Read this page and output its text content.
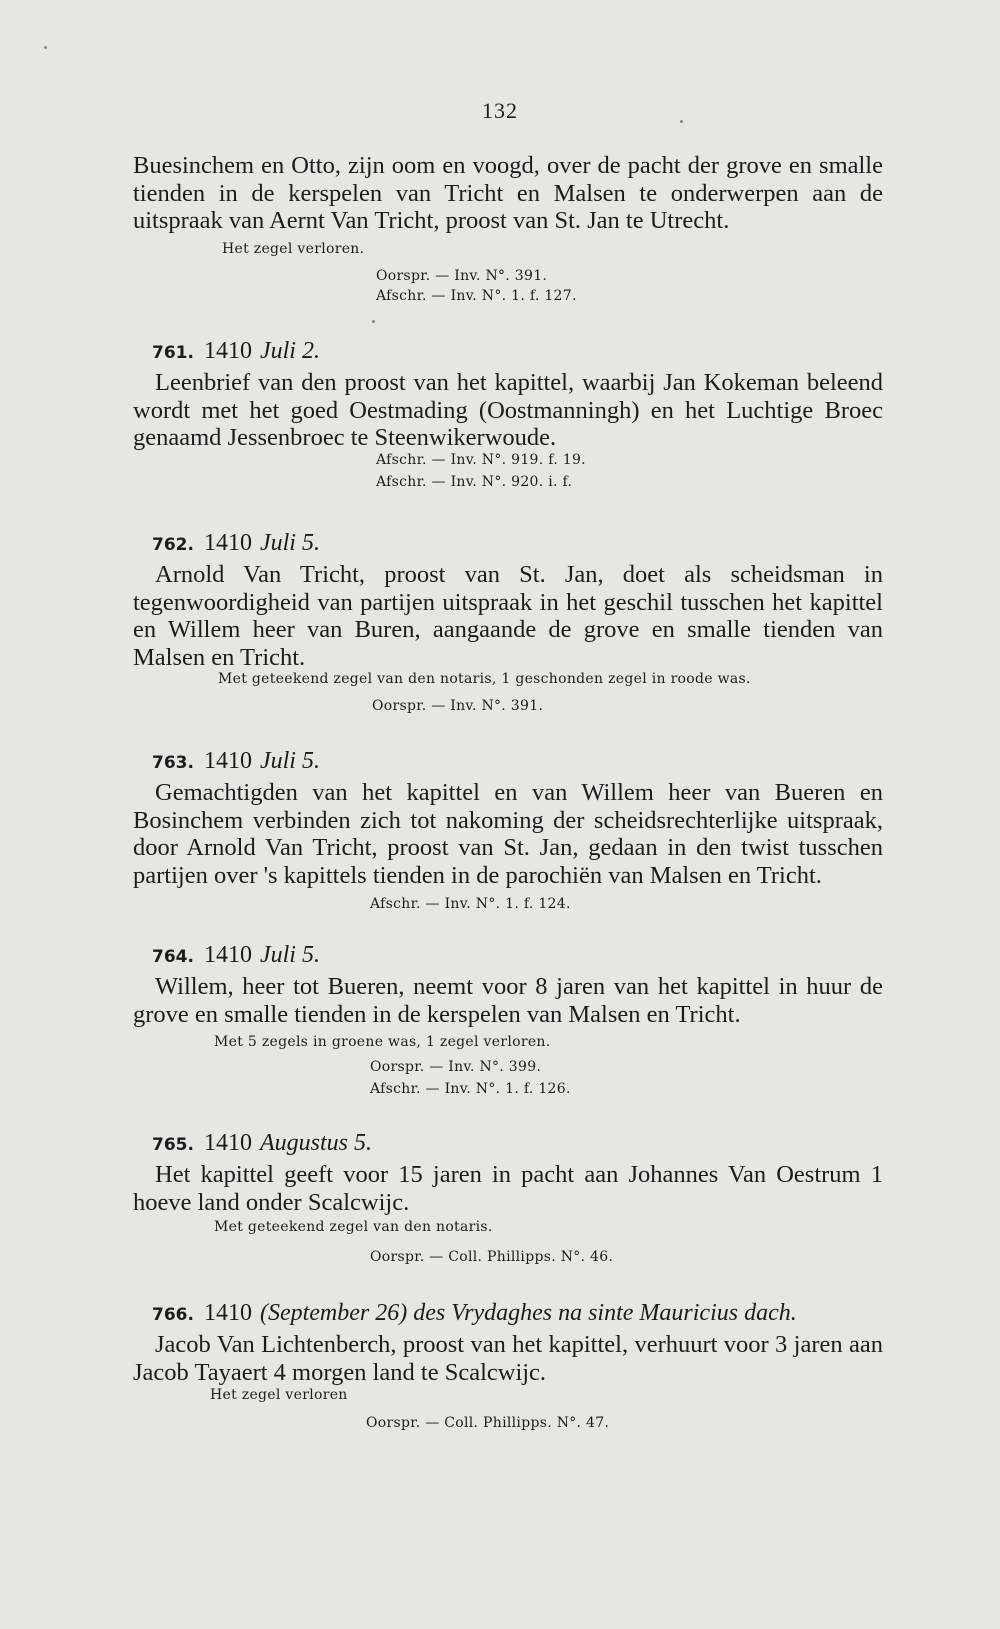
132

Buesinchem en Otto, zijn oom en voogd, over de pacht der grove en smalle tienden in de kerspelen van Tricht en Malsen te onderwerpen aan de uitspraak van Aernt Van Tricht, proost van St. Jan te Utrecht.

Het zegel verloren.
Oorspr. — Inv. N°. 391.
Afschr. — Inv. N°. 1. f. 127.
761. 1410 Juli 2.

Leenbrief van den proost van het kapittel, waarbij Jan Kokeman beleend wordt met het goed Oestmading (Oostmanningh) en het Luchtige Broec genaamd Jessenbroec te Steenwikerwoude.

Afschr. — Inv. N°. 919. f. 19.
Afschr. — Inv. N°. 920. i. f.
762. 1410 Juli 5.

Arnold Van Tricht, proost van St. Jan, doet als scheidsman in tegenwoordigheid van partijen uitspraak in het geschil tusschen het kapittel en Willem heer van Buren, aangaande de grove en smalle tienden van Malsen en Tricht.

Met geteekend zegel van den notaris, 1 geschonden zegel in roode was.
Oorspr. — Inv. N°. 391.
763. 1410 Juli 5.

Gemachtigden van het kapittel en van Willem heer van Bueren en Bosinchem verbinden zich tot nakoming der scheidsrechterlijke uitspraak, door Arnold Van Tricht, proost van St. Jan, gedaan in den twist tusschen partijen over 's kapittels tienden in de parochiën van Malsen en Tricht.

Afschr. — Inv. N°. 1. f. 124.
764. 1410 Juli 5.

Willem, heer tot Bueren, neemt voor 8 jaren van het kapittel in huur de grove en smalle tienden in de kerspelen van Malsen en Tricht.

Met 5 zegels in groene was, 1 zegel verloren.
Oorspr. — Inv. N°. 399.
Afschr. — Inv. N°. 1. f. 126.
765. 1410 Augustus 5.

Het kapittel geeft voor 15 jaren in pacht aan Johannes Van Oestrum 1 hoeve land onder Scalcwijc.

Met geteekend zegel van den notaris.
Oorspr. — Coll. Phillipps. N°. 46.
766. 1410 (September 26) des Vrydaghes na sinte Mauricius dach.

Jacob Van Lichtenberch, proost van het kapittel, verhuurt voor 3 jaren aan Jacob Tayaert 4 morgen land te Scalcwijc.

Het zegel verloren
Oorspr. — Coll. Phillipps. N°. 47.
